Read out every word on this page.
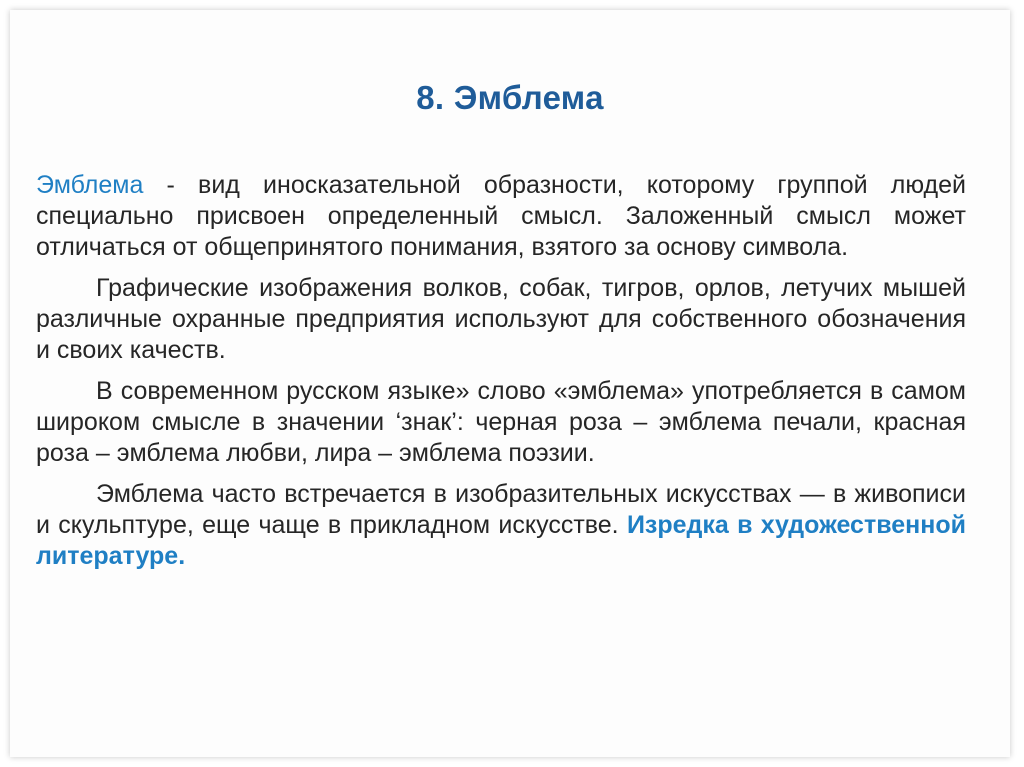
8. Эмблема

Эмблема - вид иносказательной образности, которому группой людей специально присвоен определенный смысл. Заложенный смысл может отличаться от общепринятого понимания, взятого за основу символа.

Графические изображения волков, собак, тигров, орлов, летучих мышей различные охранные предприятия используют для собственного обозначения и своих качеств.

В современном русском языке» слово «эмблема» употребляется в самом широком смысле в значении ‘знак’: черная роза – эмблема печали, красная роза – эмблема любви, лира – эмблема поэзии.

Эмблема часто встречается в изобразительных искусствах — в живописи и скульптуре, еще чаще в прикладном искусстве. Изредка в художественной литературе.
